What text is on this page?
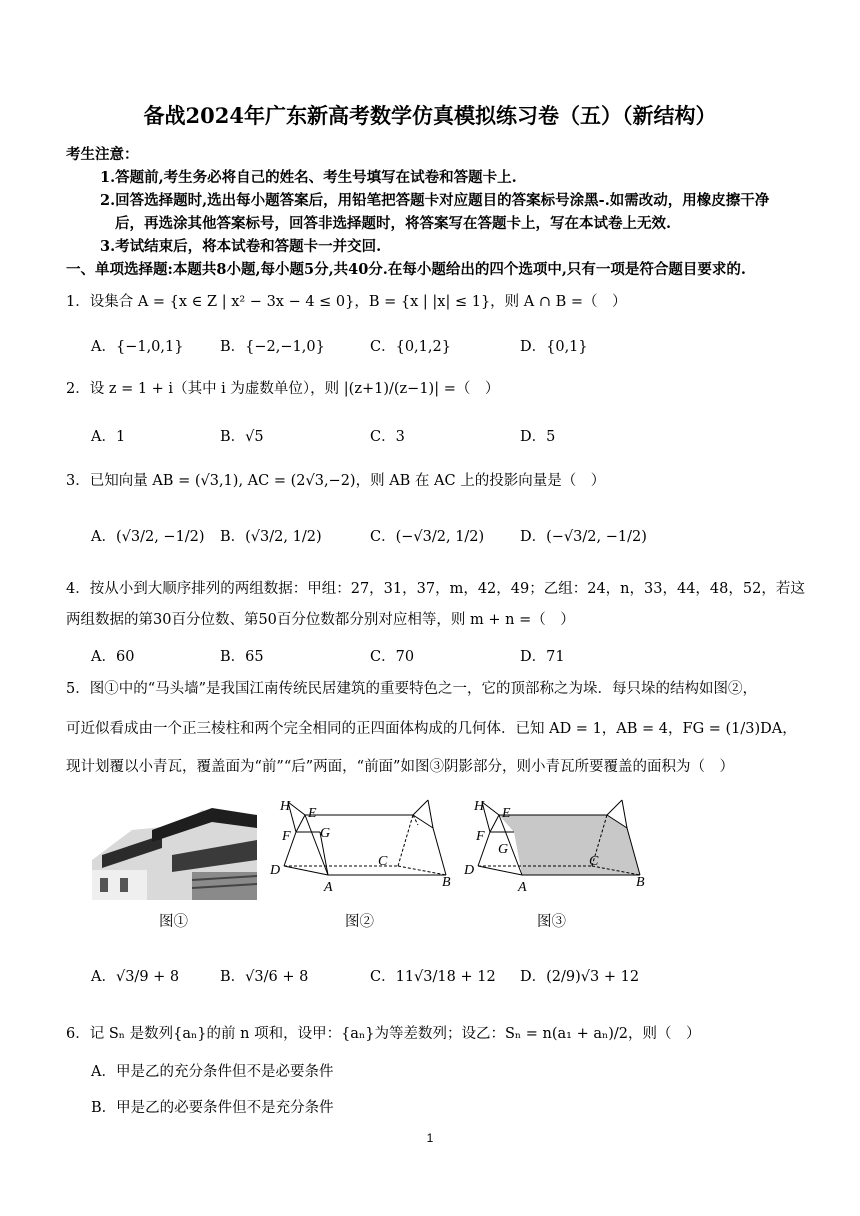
备战2024年广东新高考数学仿真模拟练习卷（五）（新结构）
考生注意：
1.答题前,考生务必将自己的姓名、考生号填写在试卷和答题卡上.
2.回答选择题时,选出每小题答案后，用铅笔把答题卡对应题目的答案标号涂黑-.如需改动，用橡皮擦干净
后，再选涂其他答案标号，回答非选择题时，将答案写在答题卡上，写在本试卷上无效.
3.考试结束后，将本试卷和答题卡一并交回.
一、单项选择题:本题共8小题,每小题5分,共40分.在每小题给出的四个选项中,只有一项是符合题目要求的.
1．设集合 A = {x ∈ Z | x² − 3x − 4 ≤ 0}，B = {x | |x| ≤ 1}，则 A ∩ B =（　）
A．{−1,0,1}	B．{−2,−1,0}	C．{0,1,2}	D．{0,1}
2．设 z = 1 + i（其中 i 为虚数单位），则 |(z+1)/(z−1)| =（　）
A．1	B．√5	C．3	D．5
3．已知向量 AB = (√3,1), AC = (2√3,−2)，则 AB 在 AC 上的投影向量是（　）
A．(√3/2, −1/2) B．(√3/2, 1/2)	C．(−√3/2, 1/2) D．(−√3/2, −1/2)
4．按从小到大顺序排列的两组数据：甲组：27，31，37，m，42，49；乙组：24，n，33，44，48，52，若这
两组数据的第30百分位数、第50百分位数都分别对应相等，则 m + n =（　）
A．60	B．65	C．70	D．71
5．图①中的“马头墙”是我国江南传统民居建筑的重要特色之一，它的顶部称之为垛．每只垛的结构如图②，
可近似看成由一个正三棱柱和两个完全相同的正四面体构成的几何体．已知 AD = 1，AB = 4，FG = (1/3)DA，
现计划覆以小青瓦，覆盖面为“前”“后”两面，“前面”如图③阴影部分，则小青瓦所要覆盖的面积为（　）
H E
F G
C
D
A	B
H E
F
G
C
D
A	B
图①	图②	图③
A．√3/9 + 8	B．√3/6 + 8	C．11√3/18 + 12 D．(2/9)√3 + 12
6．记 Sₙ 是数列{aₙ}的前 n 项和，设甲：{aₙ}为等差数列；设乙：Sₙ = n(a₁ + aₙ)/2，则（　）
A．甲是乙的充分条件但不是必要条件
B．甲是乙的必要条件但不是充分条件
1
